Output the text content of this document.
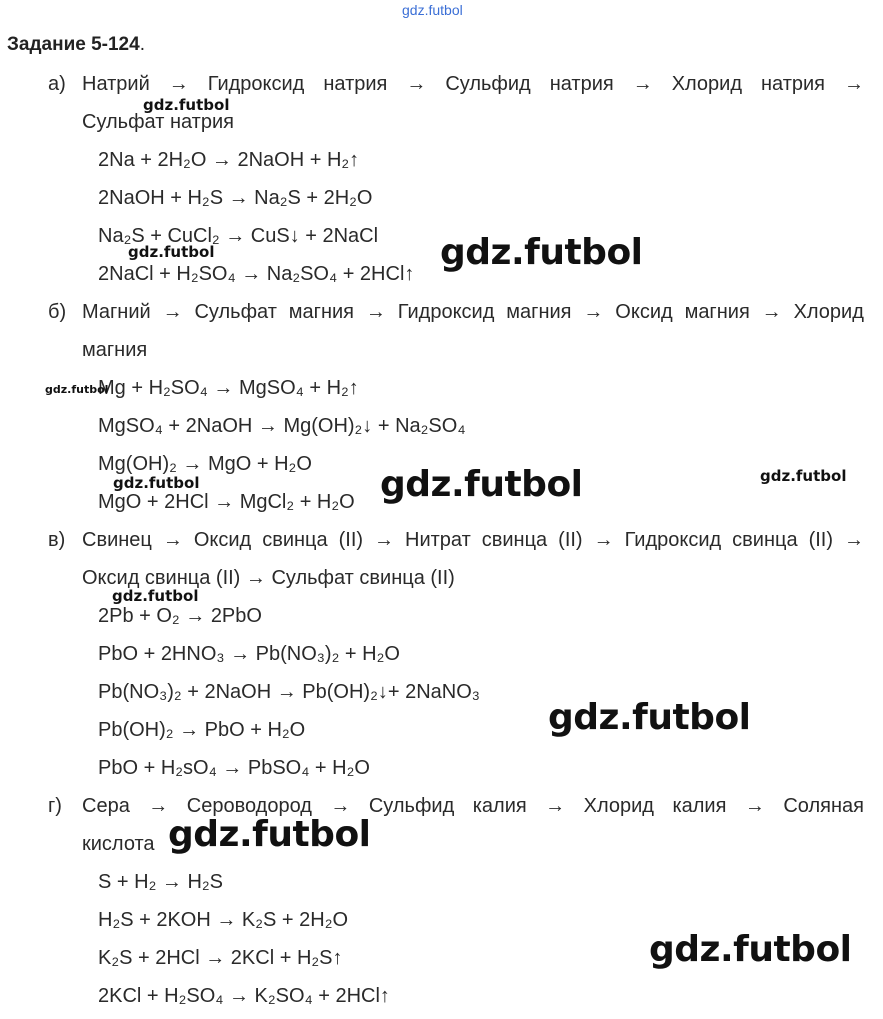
gdz.futbol
Задание 5-124.
а) Натрий → Гидроксид натрия → Сульфид натрия → Хлорид натрия →
Сульфат натрия
2Na + 2H₂O → 2NaOH + H₂↑
2NaOH + H₂S → Na₂S + 2H₂O
Na₂S + CuCl₂ → CuS↓ + 2NaCl
2NaCl + H₂SO₄ → Na₂SO₄ + 2HCl↑
б) Магний → Сульфат магния → Гидроксид магния → Оксид магния → Хлорид
магния
Mg + H₂SO₄ → MgSO₄ + H₂↑
MgSO₄ + 2NaOH → Mg(OH)₂↓ + Na₂SO₄
Mg(OH)₂ → MgO + H₂O
MgO + 2HCl → MgCl₂ + H₂O
в) Свинец → Оксид свинца (II) → Нитрат свинца (II) → Гидроксид свинца (II) →
Оксид свинца (II) → Сульфат свинца (II)
2Pb + O₂ → 2PbO
PbO + 2HNO₃ → Pb(NO₃)₂ + H₂O
Pb(NO₃)₂ + 2NaOH → Pb(OH)₂↓+ 2NaNO₃
Pb(OH)₂ → PbO + H₂O
PbO + H₂sO₄ → PbSO₄ + H₂O
г) Сера → Сероводород → Сульфид калия → Хлорид калия → Соляная
кислота
S + H₂ → H₂S
H₂S + 2KOH → K₂S + 2H₂O
K₂S + 2HCl → 2KCl + H₂S↑
2KCl + H₂SO₄ → K₂SO₄ + 2HCl↑
gdz.futbol
gdz.futbol	gdz.futbol
gdz.futbol
gdz.futbol	gdz.futbol	gdz.futbol
gdz.futbol
gdz.futbol
gdz.futbol
gdz.futbol
